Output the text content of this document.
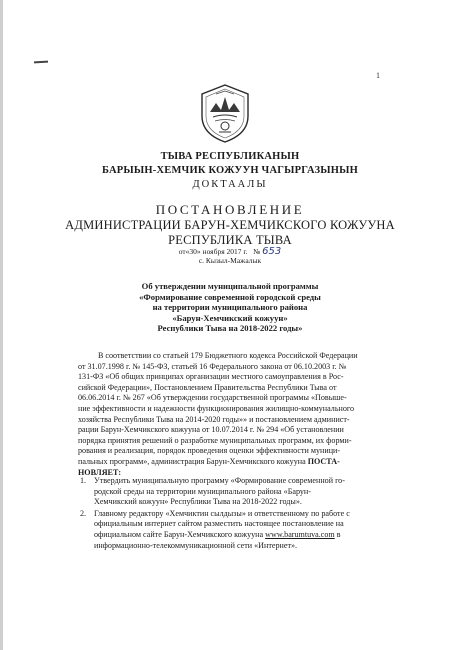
1
ТЫВА РЕСПУБЛИКАНЫН
БАРЫЫН-ХЕМЧИК КОЖУУН ЧАГЫРГАЗЫНЫН
ДОКТААЛЫ
ПОСТАНОВЛЕНИЕ
АДМИНИСТРАЦИИ БАРУН-ХЕМЧИКСКОГО КОЖУУНА
РЕСПУБЛИКА ТЫВА
от«30» ноября 2017 г. № 653
с. Кызыл-Мажалык
Об утверждении муниципальной программы
«Формирование современной городской среды
на территории муниципального района
«Барун-Хемчикский кожуун»
Республики Тыва на 2018-2022 годы»
В соответствии со статьей 179 Бюджетного кодекса Российской Федерации
от 31.07.1998 г. № 145-ФЗ, статьей 16 Федерального закона от 06.10.2003 г. №
131-ФЗ «Об общих принципах организации местного самоуправления в Рос-
сийской Федерации», Постановлением Правительства Республики Тыва от
06.06.2014 г. № 267 «Об утверждении государственной программы «Повыше-
ние эффективности и надежности функционирования жилищно-коммунального
хозяйства Республики Тыва на 2014-2020 годы»» и постановлением админист-
рации Барун-Хемчикского кожууна от 10.07.2014 г. № 294 «Об установлении
порядка принятия решений о разработке муниципальных программ, их форми-
рования и реализация, порядок проведения оценки эффективности муници-
пальных программ», администрация Барун-Хемчикского кожууна ПОСТА-
НОВЛЯЕТ:
1. Утвердить муниципальную программу «Формирование современной го-
родской среды на территории муниципального района «Барун-
Хемчикский кожуун» Республики Тыва на 2018-2022 годы».
2. Главному редактору «Хемчиктин сылдызы» и ответственному по работе с
официальным интернет сайтом разместить настоящее постановление на
официальном сайте Барун-Хемчикского кожууна www.barumtuva.com в
информационно-телекоммуникационной сети «Интернет».
